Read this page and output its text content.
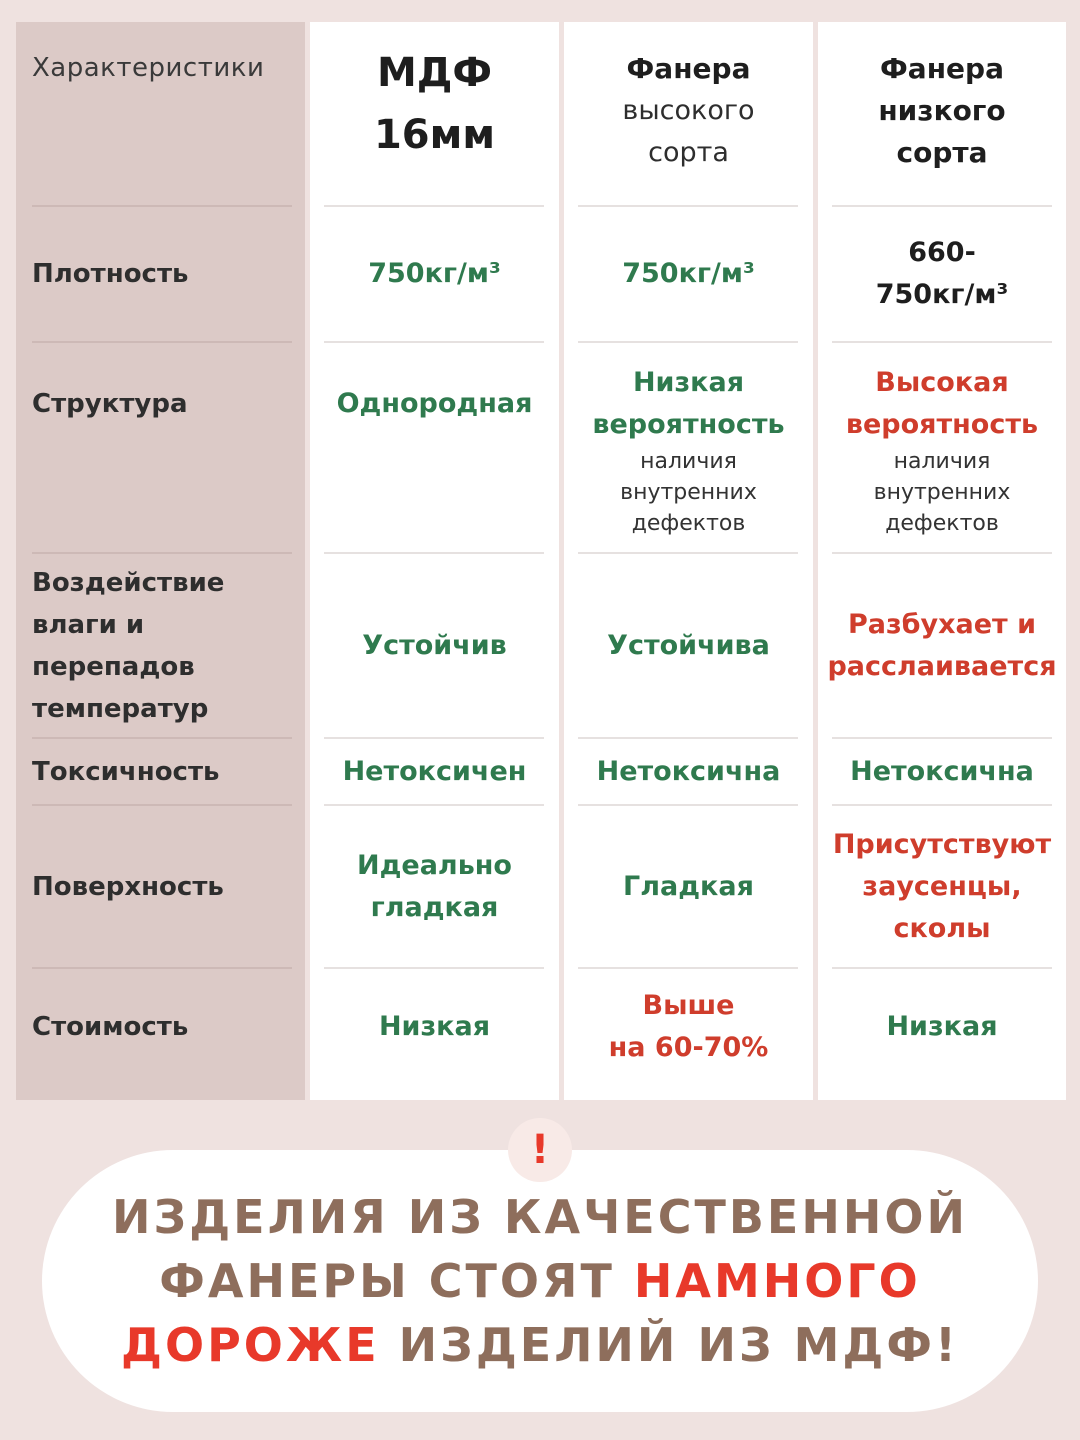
Характеристики
Плотность
Структура
Воздействие
влаги и
перепадов
температур
Токсичность
Поверхность
Стоимость
МДФ
16мм
750кг/м³
Однородная
Устойчив
Нетоксичен
Идеально
гладкая
Низкая
Фанера
высокого
сорта
750кг/м³
Низкая
вероятность
наличия
внутренних
дефектов
Устойчива
Нетоксична
Гладкая
Выше
на 60-70%
Фанера
низкого
сорта
660-
750кг/м³
Высокая
вероятность
наличия
внутренних
дефектов
Разбухает и
расслаивается
Нетоксична
Присутствуют
заусенцы,
сколы
Низкая
ИЗДЕЛИЯ ИЗ КАЧЕСТВЕННОЙ
ФАНЕРЫ СТОЯТ НАМНОГО
ДОРОЖЕ ИЗДЕЛИЙ ИЗ МДФ!
!
